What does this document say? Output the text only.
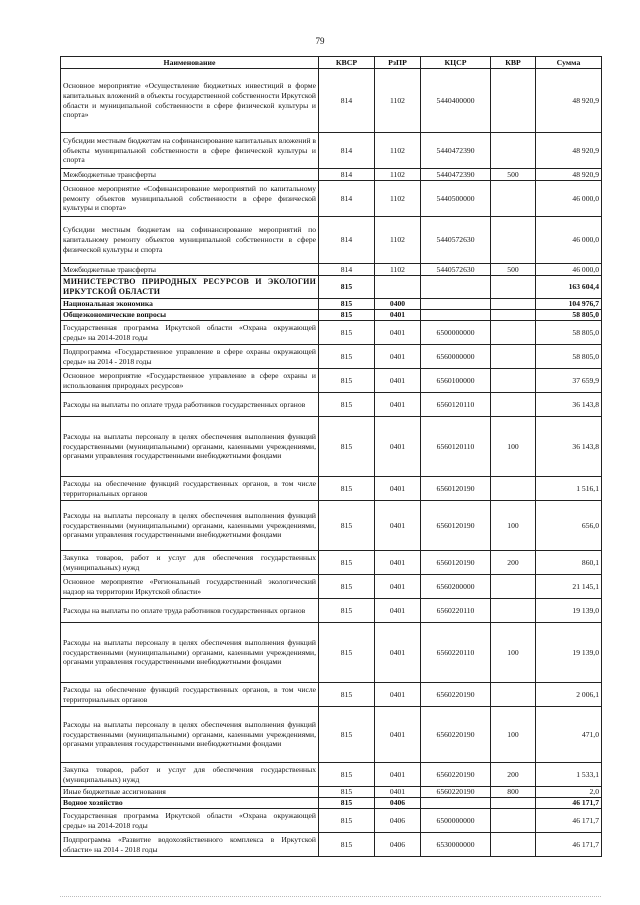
79
Наименование	КВСР	РзПР	КЦСР	КВР	Сумма
Основное мероприятие «Осуществление бюджетных инвестиций в форме капитальных вложений в объекты государственной собственности Иркутской области и муниципальной собственности в сфере физической культуры и спорта»	814	1102	5440400000		48 920,9
Субсидии местным бюджетам на софинансирование капитальных вложений в объекты муниципальной собственности в сфере физической культуры и спорта	814	1102	5440472390		48 920,9
Межбюджетные трансферты	814	1102	5440472390	500	48 920,9
Основное мероприятие «Софинансирование мероприятий по капитальному ремонту объектов муниципальной собственности в сфере физической культуры и спорта»	814	1102	5440500000		46 000,0
Субсидии местным бюджетам на софинансирование мероприятий по капитальному ремонту объектов муниципальной собственности в сфере физической культуры и спорта	814	1102	5440572630		46 000,0
Межбюджетные трансферты	814	1102	5440572630	500	46 000,0
МИНИСТЕРСТВО ПРИРОДНЫХ РЕСУРСОВ И ЭКОЛОГИИ ИРКУТСКОЙ ОБЛАСТИ	815				163 604,4
Национальная экономика	815	0400			104 976,7
Общеэкономические вопросы	815	0401			58 805,0
Государственная программа Иркутской области «Охрана окружающей среды» на 2014-2018 годы	815	0401	6500000000		58 805,0
Подпрограмма «Государственное управление в сфере охраны окружающей среды» на 2014 - 2018 годы	815	0401	6560000000		58 805,0
Основное мероприятие «Государственное управление в сфере охраны и использования природных ресурсов»	815	0401	6560100000		37 659,9
Расходы на выплаты по оплате труда работников государственных органов	815	0401	6560120110		36 143,8
Расходы на выплаты персоналу в целях обеспечения выполнения функций государственными (муниципальными) органами, казенными учреждениями, органами управления государственными внебюджетными фондами	815	0401	6560120110	100	36 143,8
Расходы на обеспечение функций государственных органов, в том числе территориальных органов	815	0401	6560120190		1 516,1
Расходы на выплаты персоналу в целях обеспечения выполнения функций государственными (муниципальными) органами, казенными учреждениями, органами управления государственными внебюджетными фондами	815	0401	6560120190	100	656,0
Закупка товаров, работ и услуг для обеспечения государственных (муниципальных) нужд	815	0401	6560120190	200	860,1
Основное мероприятие «Региональный государственный экологический надзор на территории Иркутской области»	815	0401	6560200000		21 145,1
Расходы на выплаты по оплате труда работников государственных органов	815	0401	6560220110		19 139,0
Расходы на выплаты персоналу в целях обеспечения выполнения функций государственными (муниципальными) органами, казенными учреждениями, органами управления государственными внебюджетными фондами	815	0401	6560220110	100	19 139,0
Расходы на обеспечение функций государственных органов, в том числе территориальных органов	815	0401	6560220190		2 006,1
Расходы на выплаты персоналу в целях обеспечения выполнения функций государственными (муниципальными) органами, казенными учреждениями, органами управления государственными внебюджетными фондами	815	0401	6560220190	100	471,0
Закупка товаров, работ и услуг для обеспечения государственных (муниципальных) нужд	815	0401	6560220190	200	1 533,1
Иные бюджетные ассигнования	815	0401	6560220190	800	2,0
Водное хозяйство	815	0406			46 171,7
Государственная программа Иркутской области «Охрана окружающей среды» на 2014-2018 годы	815	0406	6500000000		46 171,7
Подпрограмма «Развитие водохозяйственного комплекса в Иркутской области» на 2014 - 2018 годы	815	0406	6530000000		46 171,7
